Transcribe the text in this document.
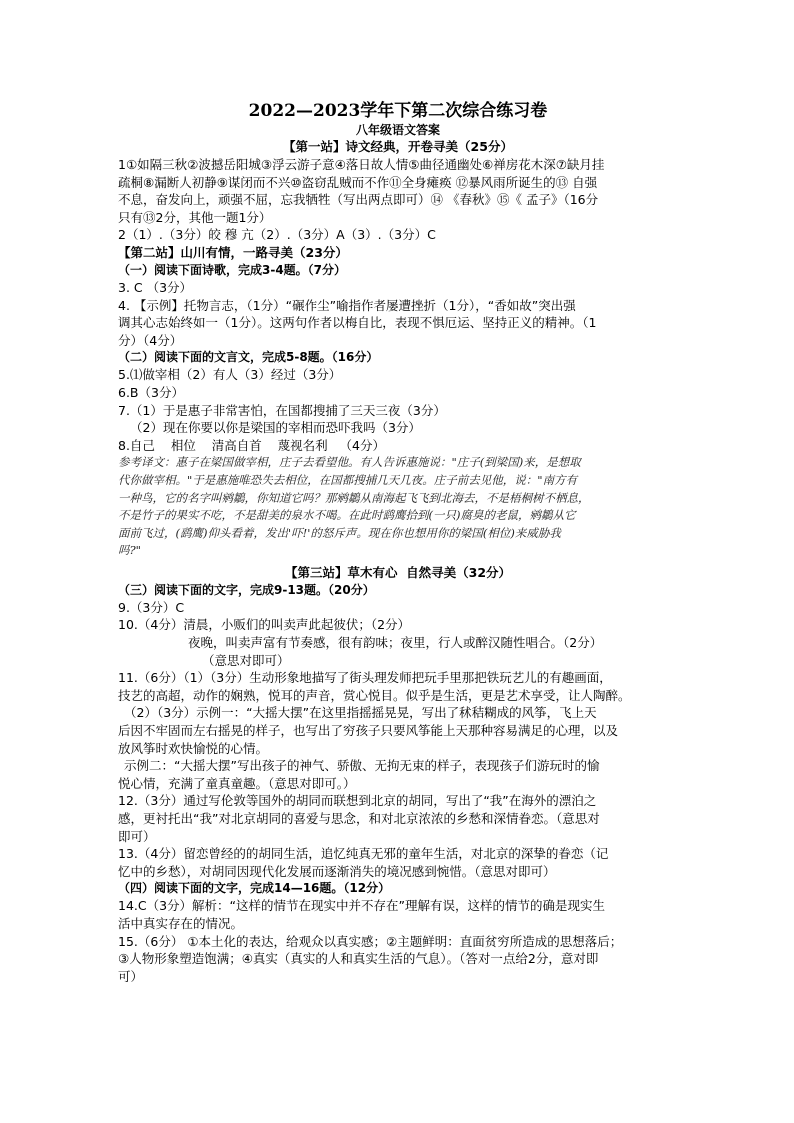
2022—2023学年下第二次综合练习卷

八年级语文答案

【第一站】诗文经典，开卷寻美（25分）

1①如隔三秋②波撼岳阳城③浮云游子意④落日故人情⑤曲径通幽处⑥禅房花木深⑦缺月挂

疏桐⑧漏断人初静⑨谋闭而不兴⑩盗窃乱贼而不作⑪全身瘫痪 ⑫暴风雨所诞生的⑬ 自强

不息，奋发向上，顽强不屈，忘我牺牲（写出两点即可）⑭ 《春秋》⑮《 孟子》（16分

只有⑬2分，其他一题1分）

2（1）.（3分）皎 穆 亢（2）.（3分）A（3）.（3分）C

【第二站】山川有情，一路寻美（23分）

（一）阅读下面诗歌，完成3-4题。（7分）

3. C （3分）

4. 【示例】托物言志，（1分）“碾作尘”喻指作者屡遭挫折（1分），“香如故”突出强

调其心志始终如一（1分）。这两句作者以梅自比，表现不惧厄运、坚持正义的精神。（1

分）（4分）

（二）阅读下面的文言文，完成5-8题。（16分）

5.⑴做宰相（2）有人（3）经过（3分）

6.B（3分）

7.（1）于是惠子非常害怕，在国都搜捕了三天三夜（3分）

（2）现在你要以你是梁国的宰相而恐吓我吗（3分）

8.自己    相位    清高自首    蔑视名利   （4分）

参考译文：惠子在梁国做宰相，庄子去看望他。有人告诉惠施说："庄子(到梁国)来，是想取

代你做宰相。"于是惠施唯恐失去相位，在国都搜捕几天几夜。庄子前去见他，说："南方有

一种鸟，它的名字叫鹓鶵，你知道它吗？那鹓鶵从南海起飞飞到北海去，不是梧桐树不栖息，

不是竹子的果实不吃，不是甜美的泉水不喝。在此时鹞鹰拾到(一只)腐臭的老鼠，鹓鶵从它

面前飞过，(鹞鹰)仰头看着，发出'吓!'的怒斥声。现在你也想用你的梁国(相位)来威胁我

吗?"

【第三站】草木有心  自然寻美（32分）

（三）阅读下面的文字，完成9-13题。（20分）

9.（3分）C

10.（4分）清晨，小贩们的叫卖声此起彼伏；（2分）

夜晚，叫卖声富有节奏感，很有韵味；夜里，行人或醉汉随性唱合。（2分）

（意思对即可）

11.（6分）（1）（3分）生动形象地描写了街头理发师把玩手里那把铁玩艺儿的有趣画面，

技艺的高超，动作的娴熟，悦耳的声音，赏心悦目。似乎是生活，更是艺术享受，让人陶醉。

（2）（3分）示例一：“大摇大摆”在这里指摇摇晃晃，写出了秫秸糊成的风筝，飞上天

后因不牢固而左右摇晃的样子，也写出了穷孩子只要风筝能上天那种容易满足的心理，以及

放风筝时欢快愉悦的心情。

示例二：“大摇大摆”写出孩子的神气、骄傲、无拘无束的样子，表现孩子们游玩时的愉

悦心情，充满了童真童趣。（意思对即可。）

12.（3分）通过写伦敦等国外的胡同而联想到北京的胡同，写出了“我”在海外的漂泊之

感，更衬托出“我”对北京胡同的喜爱与思念，和对北京浓浓的乡愁和深情眷恋。（意思对

即可）

13.（4分）留恋曾经的的胡同生活，追忆纯真无邪的童年生活，对北京的深挚的眷恋（记

忆中的乡愁），对胡同因现代化发展而逐渐消失的境况感到惋惜。（意思对即可）

（四）阅读下面的文字，完成14—16题。（12分）

14.C（3分）解析：“这样的情节在现实中并不存在”理解有误，这样的情节的确是现实生

活中真实存在的情况。

15.（6分） ①本土化的表达，给观众以真实感；②主题鲜明：直面贫穷所造成的思想落后；

③人物形象塑造饱满；④真实（真实的人和真实生活的气息）。（答对一点给2分，意对即

可）
